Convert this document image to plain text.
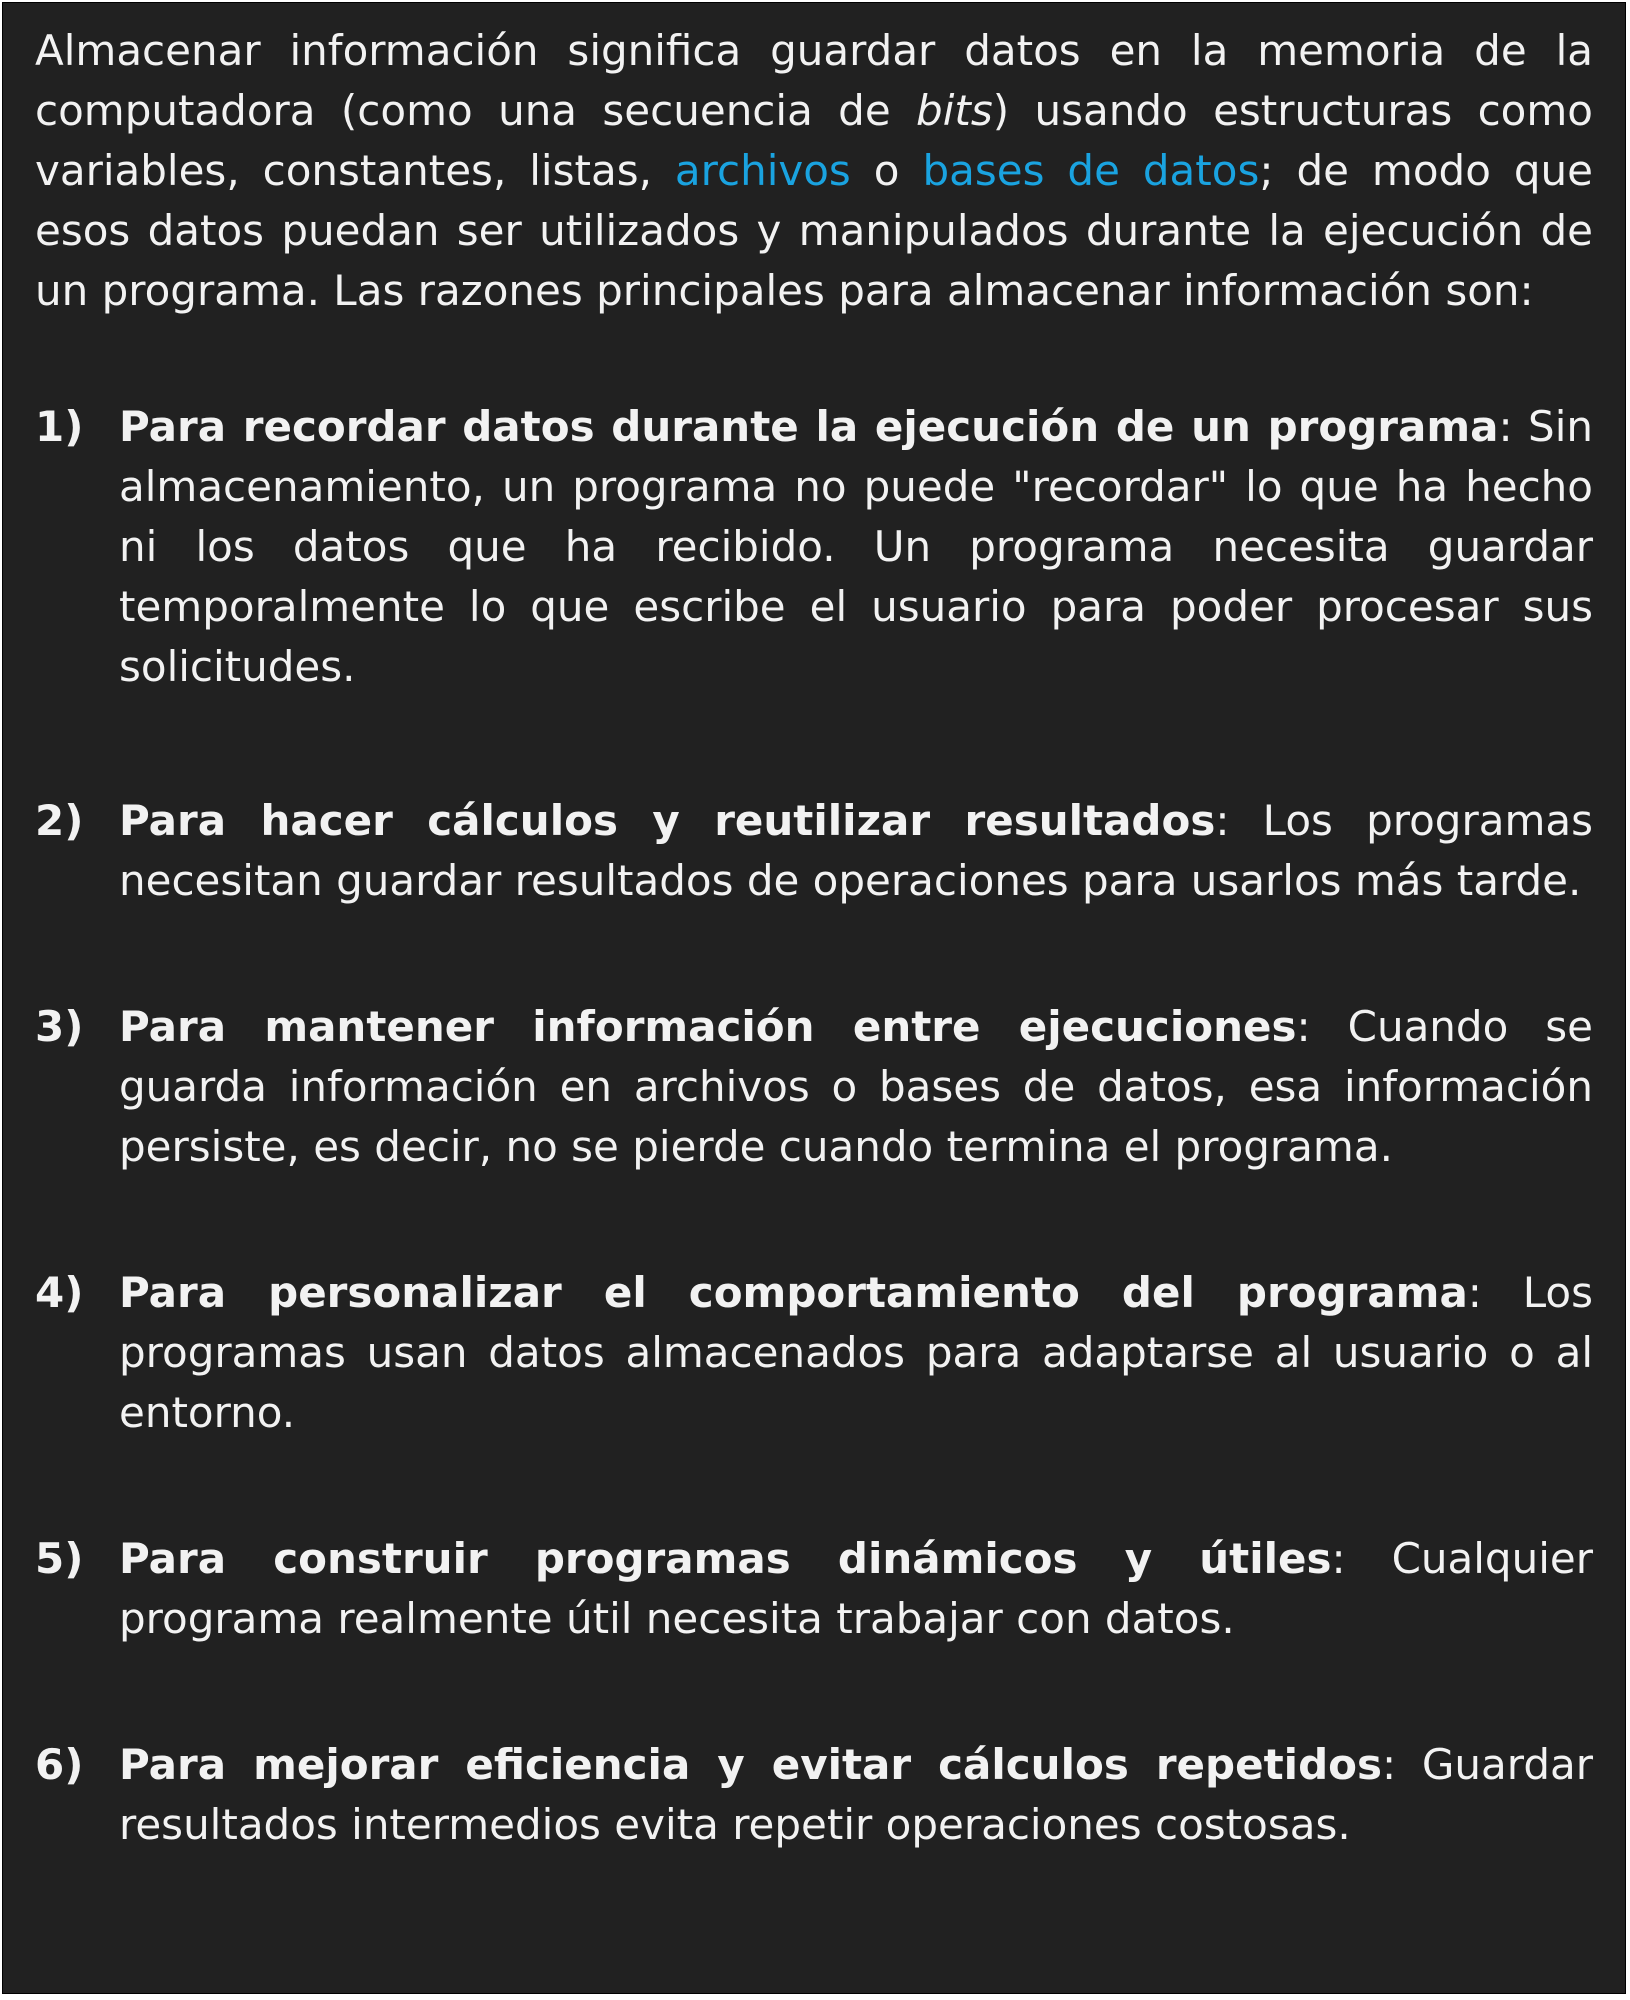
Almacenar información significa guardar datos en la memoria de la computadora (como una secuencia de bits) usando estructuras como variables, constantes, listas, archivos o bases de datos; de modo que esos datos puedan ser utilizados y manipulados durante la ejecución de un programa. Las razones principales para almacenar información son:

1) Para recordar datos durante la ejecución de un programa: Sin almacenamiento, un programa no puede "recordar" lo que ha hecho ni los datos que ha recibido. Un programa necesita guardar temporalmente lo que escribe el usuario para poder procesar sus solicitudes.
2) Para hacer cálculos y reutilizar resultados: Los programas necesitan guardar resultados de operaciones para usarlos más tarde.
3) Para mantener información entre ejecuciones: Cuando se guarda información en archivos o bases de datos, esa información persiste, es decir, no se pierde cuando termina el programa.
4) Para personalizar el comportamiento del programa: Los programas usan datos almacenados para adaptarse al usuario o al entorno.
5) Para construir programas dinámicos y útiles: Cualquier programa realmente útil necesita trabajar con datos.
6) Para mejorar eficiencia y evitar cálculos repetidos: Guardar resultados intermedios evita repetir operaciones costosas.
